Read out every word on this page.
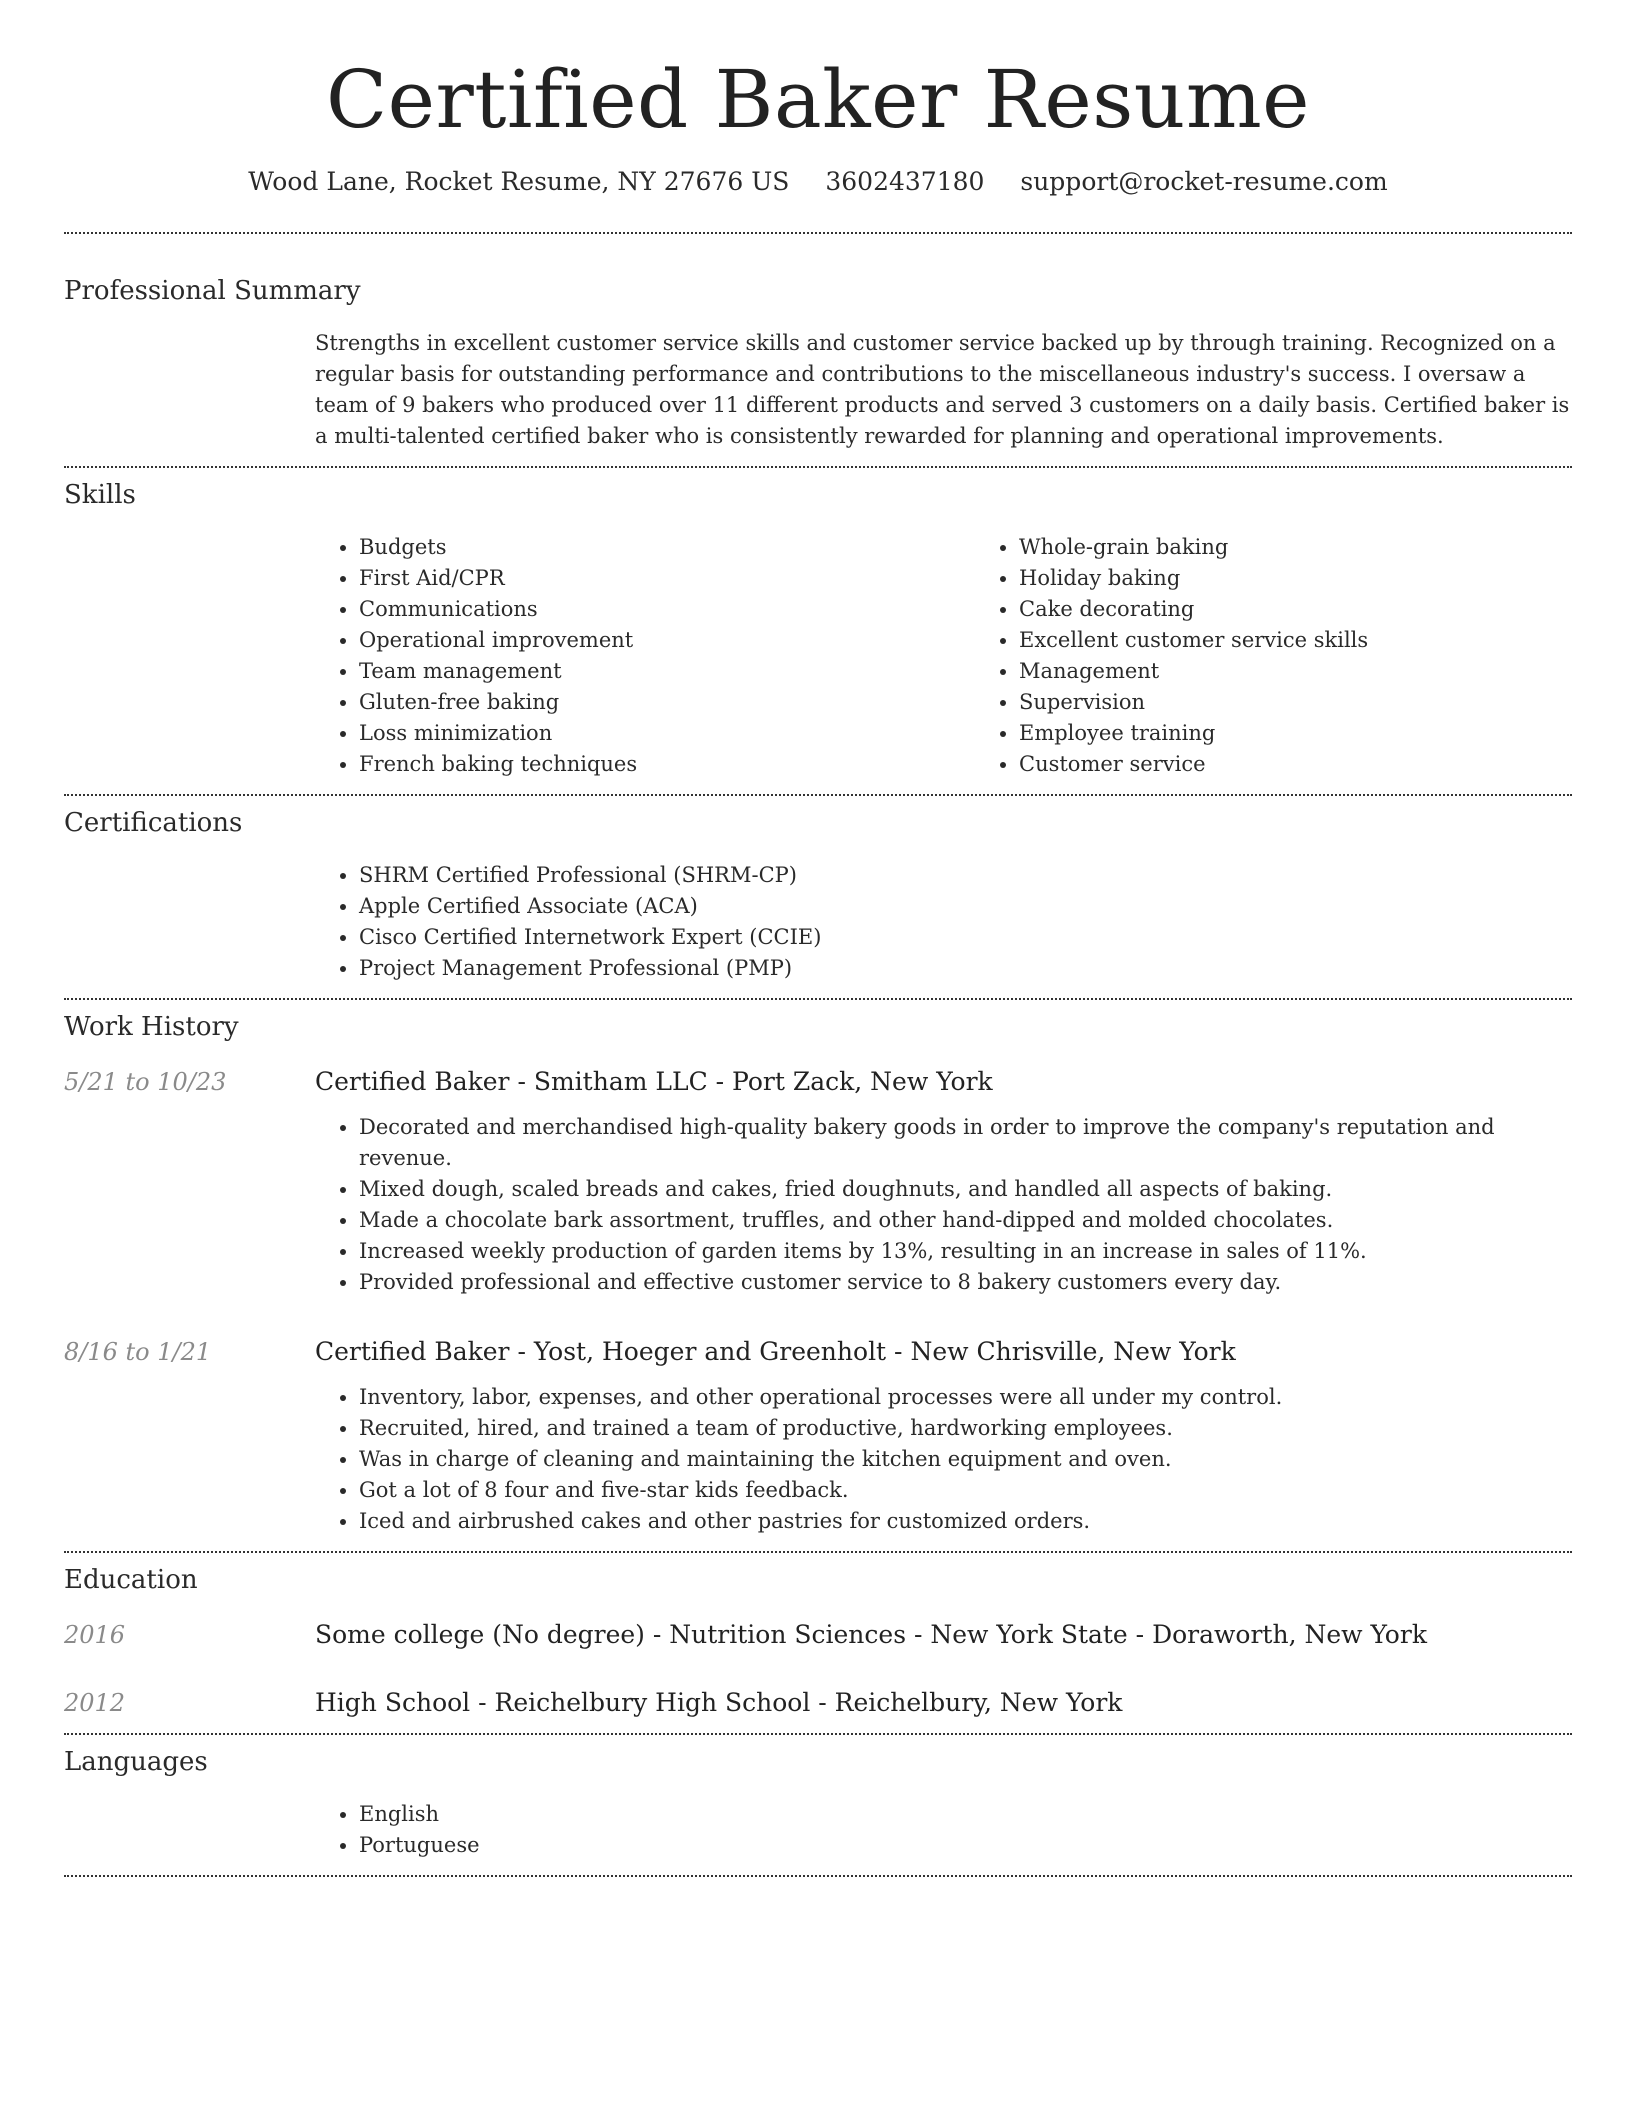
Certified Baker Resume
Wood Lane, Rocket Resume, NY 27676 US 3602437180 support@rocket-resume.com
Professional Summary

Strengths in excellent customer service skills and customer service backed up by through training. Recognized on a regular basis for outstanding performance and contributions to the miscellaneous industry's success. I oversaw a team of 9 bakers who produced over 11 different products and served 3 customers on a daily basis. Certified baker is a multi-talented certified baker who is consistently rewarded for planning and operational improvements.

Skills
• Budgets
• First Aid/CPR
• Communications
• Operational improvement
• Team management
• Gluten-free baking
• Loss minimization
• French baking techniques
• Whole-grain baking
• Holiday baking
• Cake decorating
• Excellent customer service skills
• Management
• Supervision
• Employee training
• Customer service
Certifications
• SHRM Certified Professional (SHRM-CP)
• Apple Certified Associate (ACA)
• Cisco Certified Internetwork Expert (CCIE)
• Project Management Professional (PMP)
Work History
5/21 to 10/23	Certified Baker - Smitham LLC - Port Zack, New York
• Decorated and merchandised high-quality bakery goods in order to improve the company's reputation and revenue.
• Mixed dough, scaled breads and cakes, fried doughnuts, and handled all aspects of baking.
• Made a chocolate bark assortment, truffles, and other hand-dipped and molded chocolates.
• Increased weekly production of garden items by 13%, resulting in an increase in sales of 11%.
• Provided professional and effective customer service to 8 bakery customers every day.
8/16 to 1/21	Certified Baker - Yost, Hoeger and Greenholt - New Chrisville, New York
• Inventory, labor, expenses, and other operational processes were all under my control.
• Recruited, hired, and trained a team of productive, hardworking employees.
• Was in charge of cleaning and maintaining the kitchen equipment and oven.
• Got a lot of 8 four and five-star kids feedback.
• Iced and airbrushed cakes and other pastries for customized orders.
Education
2016	Some college (No degree) - Nutrition Sciences - New York State - Doraworth, New York
2012	High School - Reichelbury High School - Reichelbury, New York
Languages
• English
• Portuguese
